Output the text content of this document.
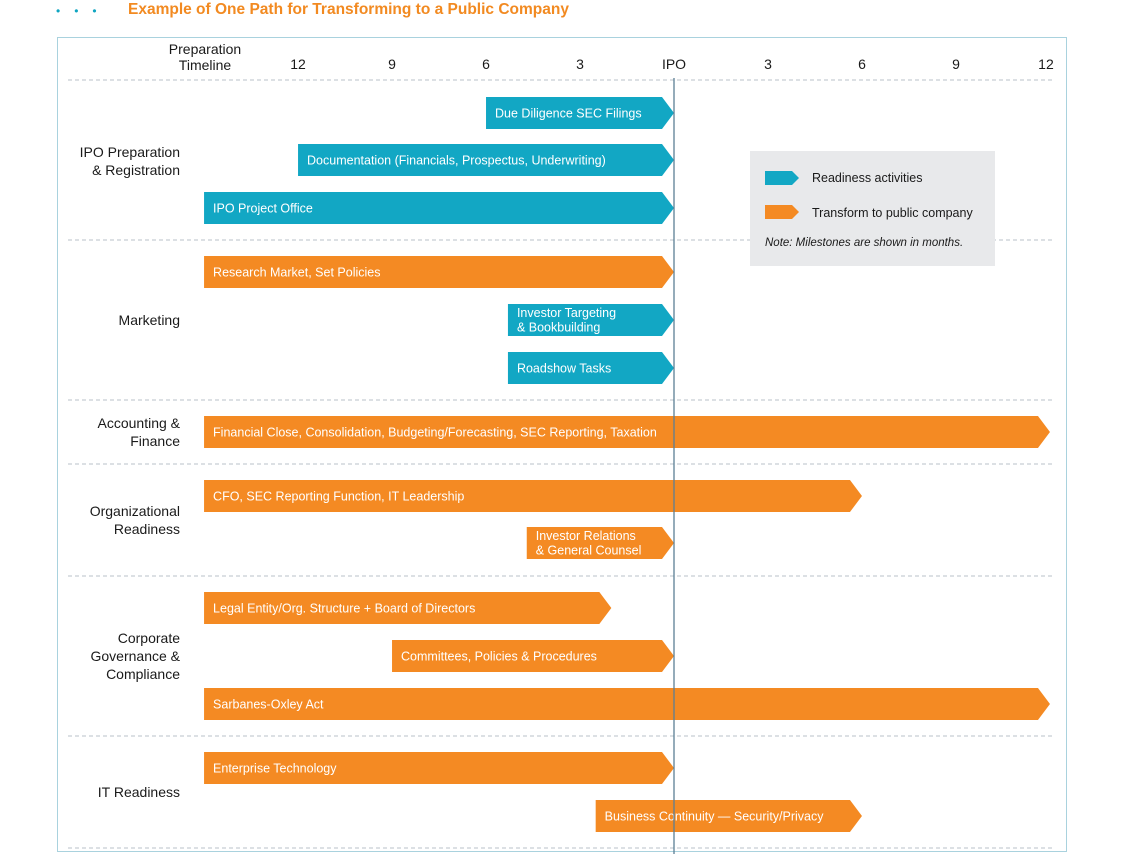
••• Example of One Path for Transforming to a Public Company
Due Diligence SEC Filings
Documentation (Financials, Prospectus, Underwriting)
IPO Project Office
Research Market, Set Policies
Investor Targeting & Bookbuilding
Roadshow Tasks
Financial Close, Consolidation, Budgeting/Forecasting, SEC Reporting, Taxation
CFO, SEC Reporting Function, IT Leadership
Investor Relations & General Counsel
Legal Entity/Org. Structure + Board of Directors
Committees, Policies & Procedures
Sarbanes-Oxley Act
Enterprise Technology
Business Continuity — Security/Privacy
Preparation
Timeline	12	9	6	3	IPO	3	6	9	12
IPO Preparation
& Registration
Marketing
Accounting &
Finance
Organizational
Readiness
Corporate
Governance &
Compliance
IT Readiness
Readiness activities
Transform to public company
Note: Milestones are shown in months.
